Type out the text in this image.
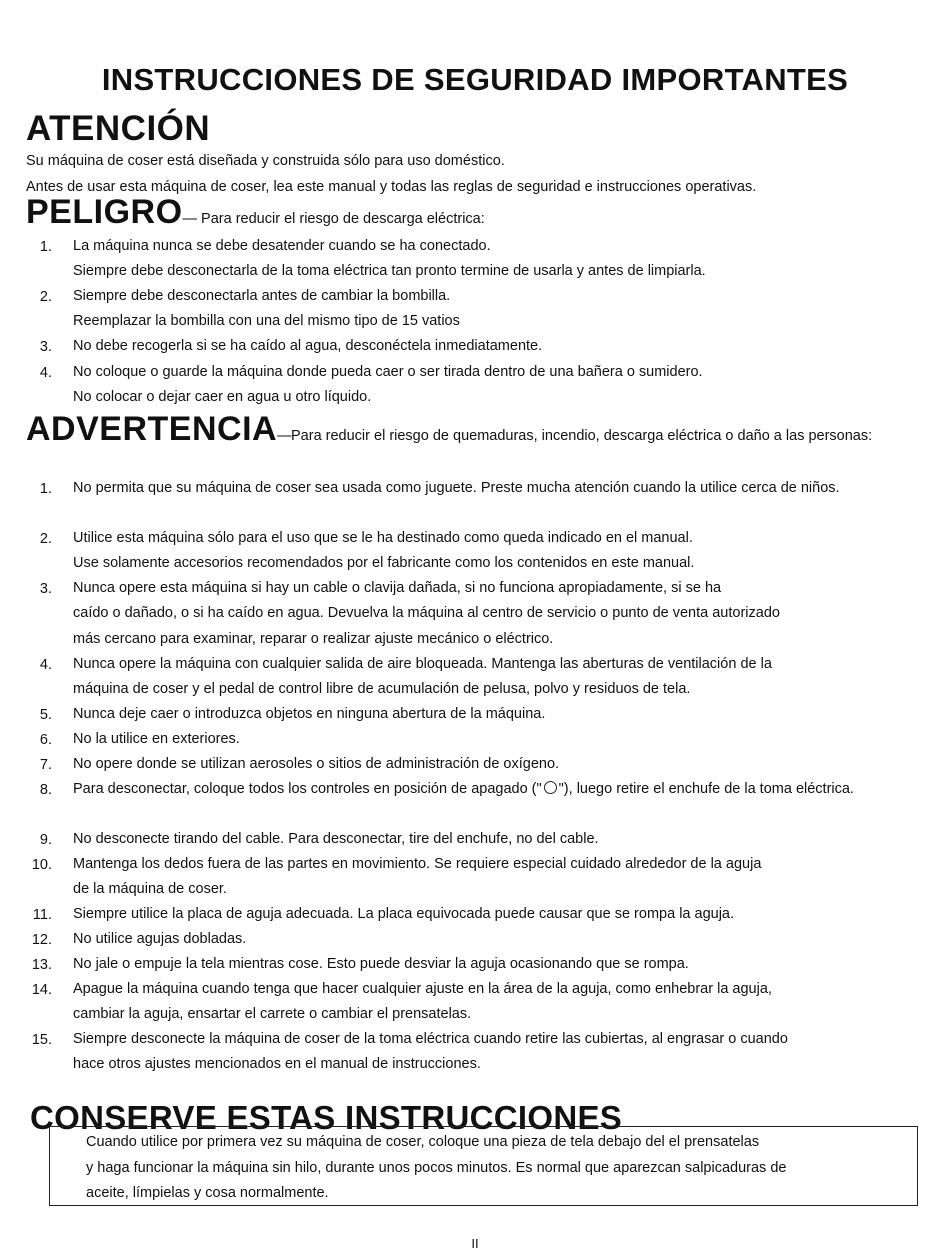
INSTRUCCIONES DE SEGURIDAD IMPORTANTES
ATENCIÓN

Su máquina de coser está diseñada y construida sólo para uso doméstico.

Antes de usar esta máquina de coser, lea este manual y todas las reglas de seguridad e instrucciones operativas.

PELIGRO— Para reducir el riesgo de descarga eléctrica:
1. La máquina nunca se debe desatender cuando se ha conectado.
Siempre debe desconectarla de la toma eléctrica tan pronto termine de usarla y antes de limpiarla.
2. Siempre debe desconectarla antes de cambiar la bombilla.
Reemplazar la bombilla con una del mismo tipo de 15 vatios
3. No debe recogerla si se ha caído al agua, desconéctela inmediatamente.
4. No coloque o guarde la máquina donde pueda caer o ser tirada dentro de una bañera o sumidero.
No colocar o dejar caer en agua u otro líquido.
ADVERTENCIA— Para reducir el riesgo de quemaduras, incendio, descarga eléctrica o daño a las personas:
1. No permita que su máquina de coser sea usada como juguete. Preste mucha atención cuando la utilice cerca de niños.
2. Utilice esta máquina sólo para el uso que se le ha destinado como queda indicado en el manual.
Use solamente accesorios recomendados por el fabricante como los contenidos en este manual.
3. Nunca opere esta máquina si hay un cable o clavija dañada, si no funciona apropiadamente, si se ha
caído o dañado, o si ha caído en agua. Devuelva la máquina al centro de servicio o punto de venta autorizado
más cercano para examinar, reparar o realizar ajuste mecánico o eléctrico.
4. Nunca opere la máquina con cualquier salida de aire bloqueada. Mantenga las aberturas de ventilación de la
máquina de coser y el pedal de control libre de acumulación de pelusa, polvo y residuos de tela.
5. Nunca deje caer o introduzca objetos en ninguna abertura de la máquina.
6. No la utilice en exteriores.
7. No opere donde se utilizan aerosoles o sitios de administración de oxígeno.
8. Para desconectar, coloque todos los controles en posición de apagado (" "), luego retire el enchufe de la toma eléctrica.
9. No desconecte tirando del cable. Para desconectar, tire del enchufe, no del cable.
10. Mantenga los dedos fuera de las partes en movimiento. Se requiere especial cuidado alrededor de la aguja
de la máquina de coser.
11. Siempre utilice la placa de aguja adecuada. La placa equivocada puede causar que se rompa la aguja.
12. No utilice agujas dobladas.
13. No jale o empuje la tela mientras cose. Esto puede desviar la aguja ocasionando que se rompa.
14. Apague la máquina cuando tenga que hacer cualquier ajuste en la área de la aguja, como enhebrar la aguja,
cambiar la aguja, ensartar el carrete o cambiar el prensatelas.
15. Siempre desconecte la máquina de coser de la toma eléctrica cuando retire las cubiertas, al engrasar o cuando
hace otros ajustes mencionados en el manual de instrucciones.
CONSERVE ESTAS INSTRUCCIONES
Cuando utilice por primera vez su máquina de coser, coloque una pieza de tela debajo del el prensatelas
y haga funcionar la máquina sin hilo, durante unos pocos minutos. Es normal que aparezcan salpicaduras de
aceite, límpielas y cosa normalmente.
II
